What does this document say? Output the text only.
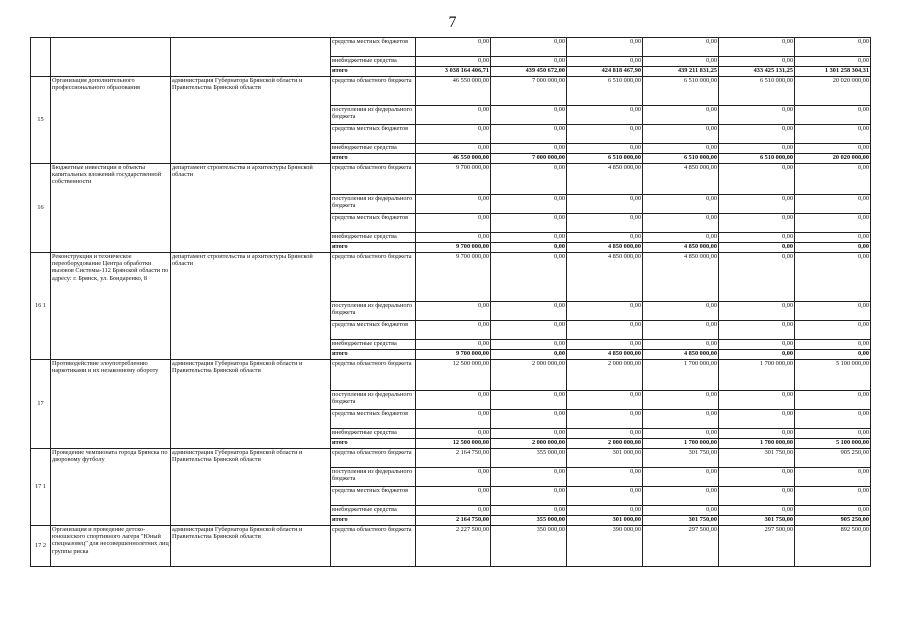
7
			средства местных бюджетов	0,00	0,00	0,00	0,00	0,00	0,00
			внебюджетные средства	0,00	0,00	0,00	0,00	0,00	0,00
			итого	3 038 164 406,71	439 450 672,00	424 818 467,90	439 211 831,25	433 425 131,25	1 301 258 304,31
15	Организация дополнительного профессионального образования	администрация Губернатора Брянской области и Правительства Брянской области	средства областного бюджета	46 550 000,00	7 000 000,00	6 510 000,00	6 510 000,00	6 510 000,00	20 020 000,00
			поступления из федерального бюджета	0,00	0,00	0,00	0,00	0,00	0,00
			средства местных бюджетов	0,00	0,00	0,00	0,00	0,00	0,00
			внебюджетные средства	0,00	0,00	0,00	0,00	0,00	0,00
			итого	46 550 000,00	7 000 000,00	6 510 000,00	6 510 000,00	6 510 000,00	20 020 000,00
16	Бюджетные инвестиции в объекты капитальных вложений государственной собственности	департамент строительства и архитектуры Брянской области	средства областного бюджета	9 700 000,00	0,00	4 850 000,00	4 850 000,00	0,00	0,00
			поступления из федерального бюджета	0,00	0,00	0,00	0,00	0,00	0,00
			средства местных бюджетов	0,00	0,00	0,00	0,00	0,00	0,00
			внебюджетные средства	0,00	0,00	0,00	0,00	0,00	0,00
			итого	9 700 000,00	0,00	4 850 000,00	4 850 000,00	0,00	0,00
16 1	Реконструкция и техническое переоборудование Центра обработки вызовов Системы-112 Брянской области по адресу: г. Брянск, ул. Бондаренко, 8	департамент строительства и архитектуры Брянской области	средства областного бюджета	9 700 000,00	0,00	4 850 000,00	4 850 000,00	0,00	0,00
			поступления из федерального бюджета	0,00	0,00	0,00	0,00	0,00	0,00
			средства местных бюджетов	0,00	0,00	0,00	0,00	0,00	0,00
			внебюджетные средства	0,00	0,00	0,00	0,00	0,00	0,00
			итого	9 700 000,00	0,00	4 850 000,00	4 850 000,00	0,00	0,00
17	Противодействие злоупотреблению наркотиками и их незаконному обороту	администрация Губернатора Брянской области и Правительства Брянской области	средства областного бюджета	12 500 000,00	2 000 000,00	2 000 000,00	1 700 000,00	1 700 000,00	5 100 000,00
			поступления из федерального бюджета	0,00	0,00	0,00	0,00	0,00	0,00
			средства местных бюджетов	0,00	0,00	0,00	0,00	0,00	0,00
			внебюджетные средства	0,00	0,00	0,00	0,00	0,00	0,00
			итого	12 500 000,00	2 000 000,00	2 000 000,00	1 700 000,00	1 700 000,00	5 100 000,00
17 1	Проведение чемпионата города Брянска по дворовому футболу	администрация Губернатора Брянской области и Правительства Брянской области	средства областного бюджета	2 164 750,00	355 000,00	301 000,00	301 750,00	301 750,00	905 250,00
			поступления из федерального бюджета	0,00	0,00	0,00	0,00	0,00	0,00
			средства местных бюджетов	0,00	0,00	0,00	0,00	0,00	0,00
			внебюджетные средства	0,00	0,00	0,00	0,00	0,00	0,00
			итого	2 164 750,00	355 000,00	301 000,00	301 750,00	301 750,00	905 250,00
17 2	Организация и проведение детско-юношеского спортивного лагеря "Юный спецназовец" для несовершеннолетних лиц группы риска	администрация Губернатора Брянской области и Правительства Брянской области	средства областного бюджета	2 227 500,00	350 000,00	390 000,00	297 500,00	297 500,00	892 500,00
